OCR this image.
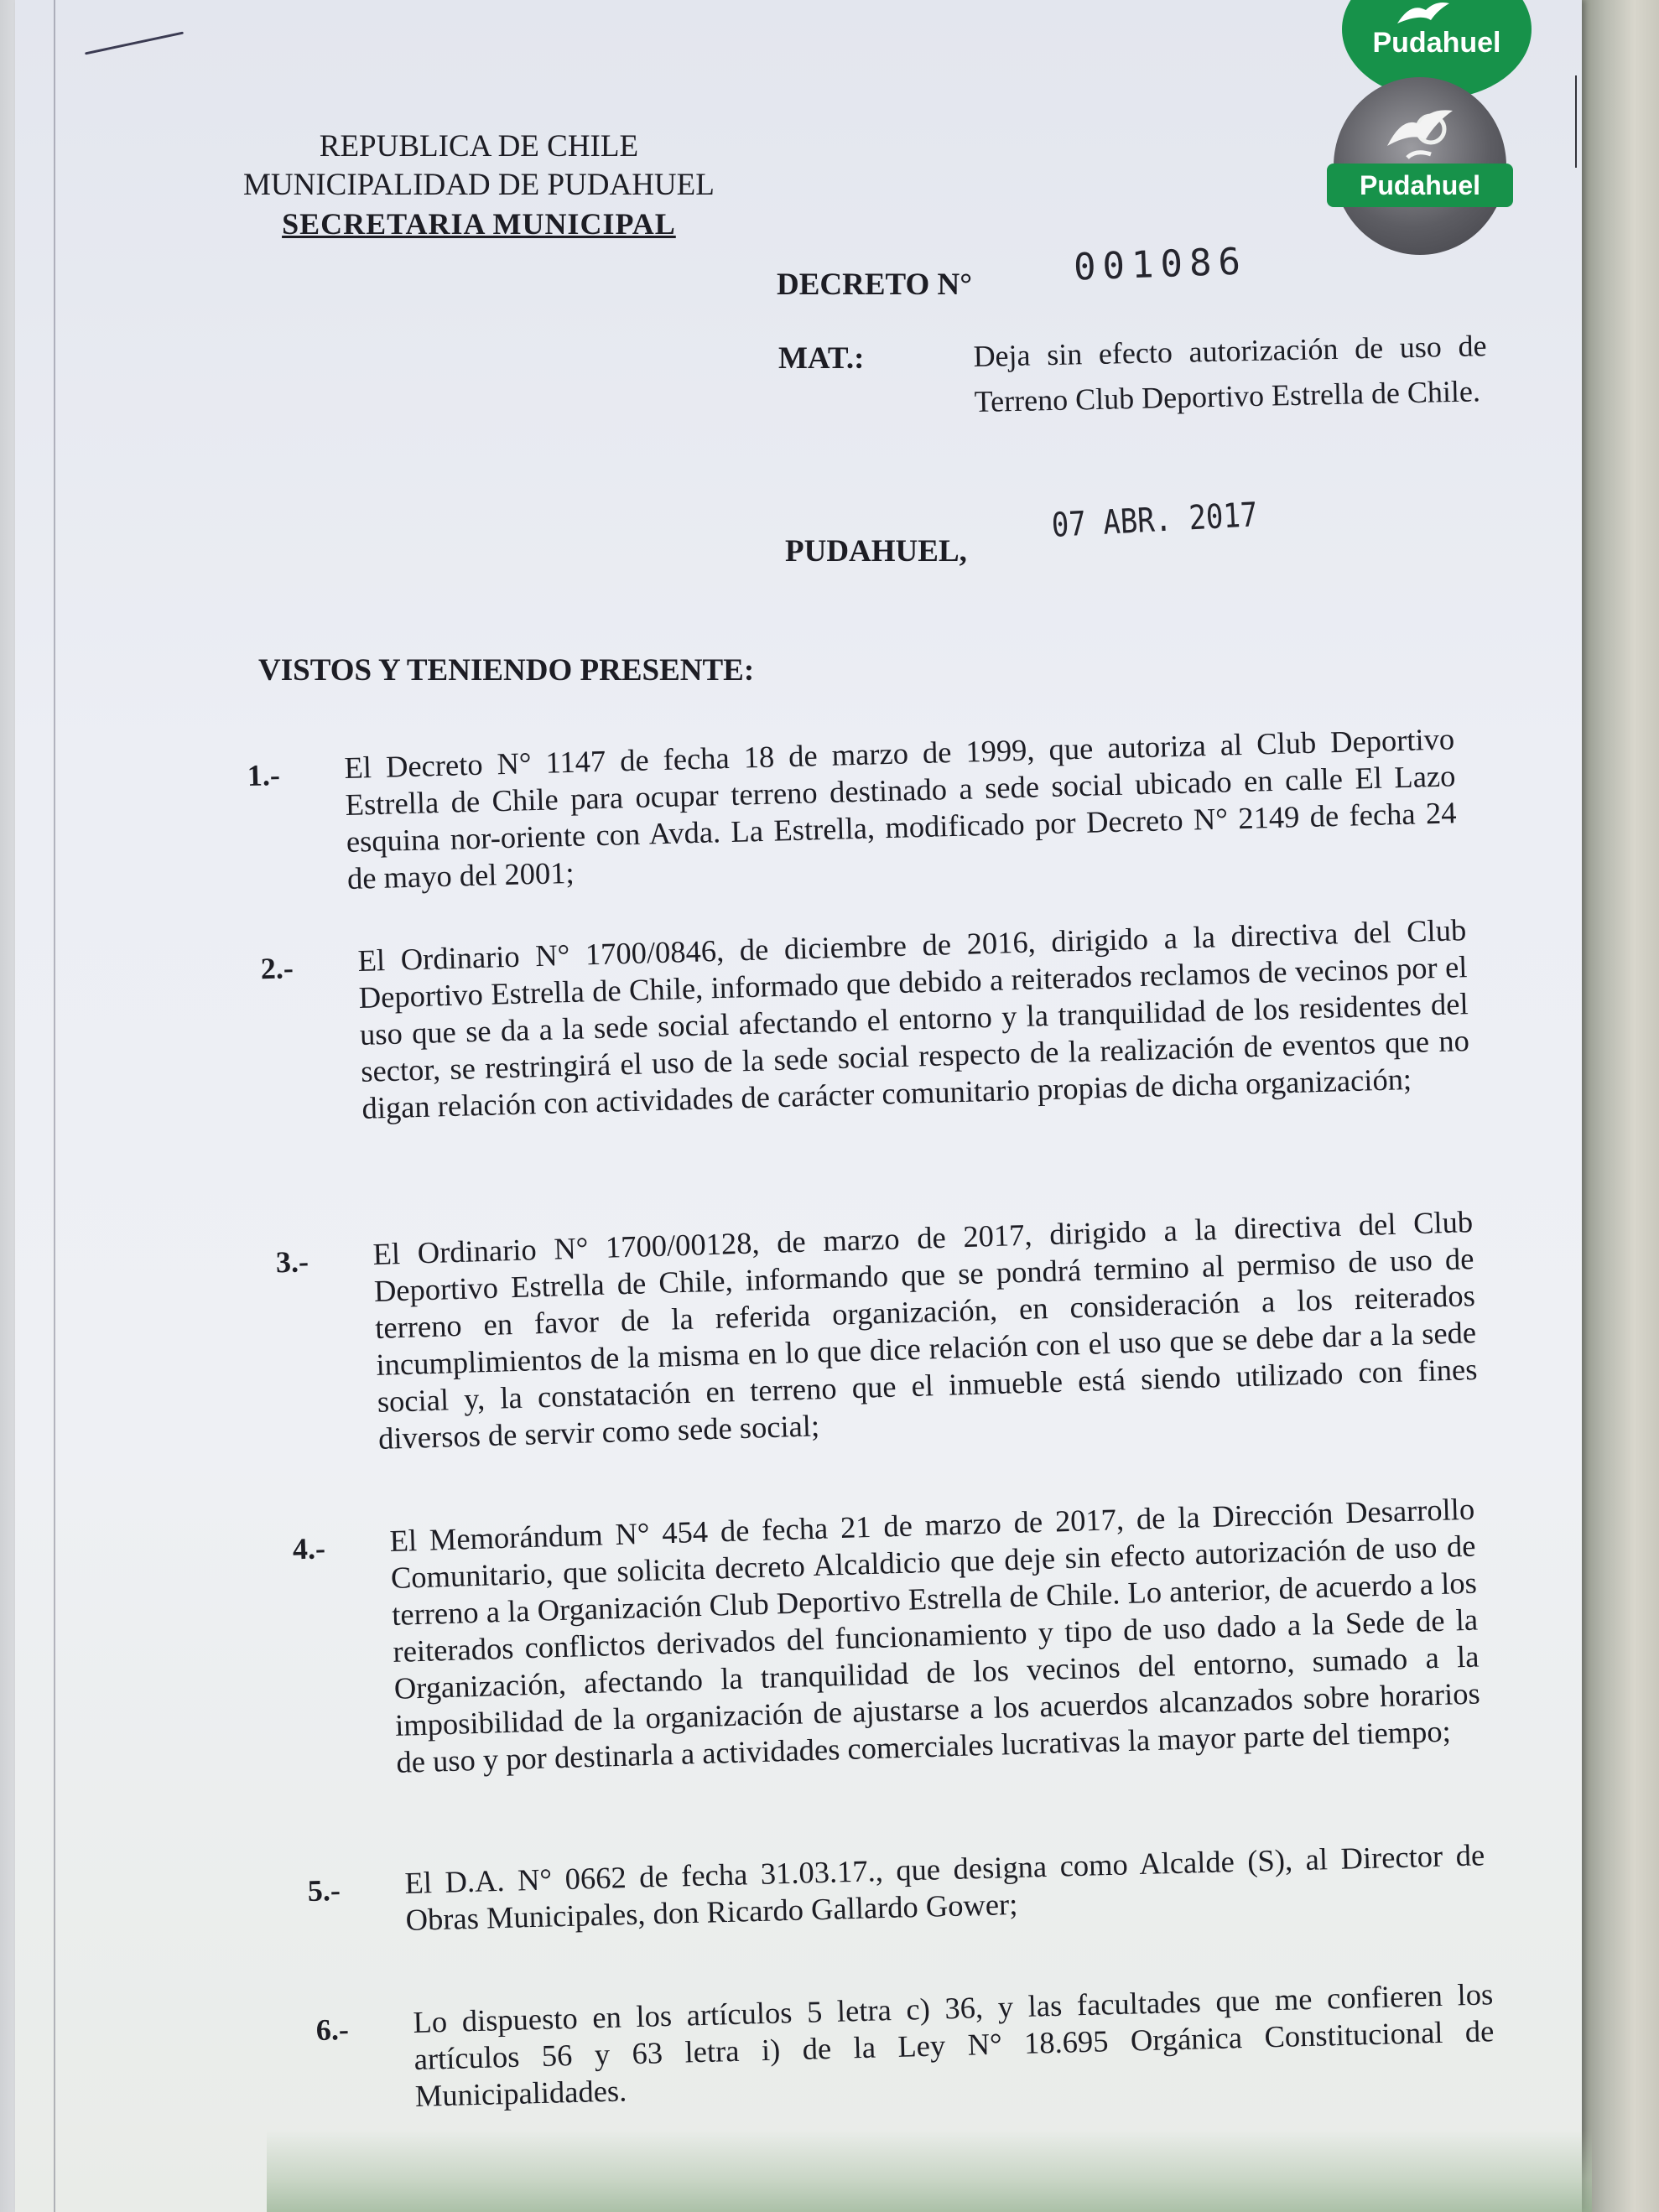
REPUBLICA DE CHILE
MUNICIPALIDAD DE PUDAHUEL
SECRETARIA MUNICIPAL
Pudahuel
Pudahuel
DECRETO N°	001086
MAT.:	Deja sin efecto autorización de uso de Terreno Club Deportivo Estrella de Chile.
PUDAHUEL,
07 ABR. 2017
VISTOS Y TENIENDO PRESENTE:
1.- El Decreto N° 1147 de fecha 18 de marzo de 1999, que autoriza al Club Deportivo Estrella de Chile para ocupar terreno destinado a sede social ubicado en calle El Lazo esquina nor-oriente con Avda. La Estrella, modificado por Decreto N° 2149 de fecha 24 de mayo del 2001;
2.- El Ordinario N° 1700/0846, de diciembre de 2016, dirigido a la directiva del Club Deportivo Estrella de Chile, informado que debido a reiterados reclamos de vecinos por el uso que se da a la sede social afectando el entorno y la tranquilidad de los residentes del sector, se restringirá el uso de la sede social respecto de la realización de eventos que no digan relación con actividades de carácter comunitario propias de dicha organización;
3.- El Ordinario N° 1700/00128, de marzo de 2017, dirigido a la directiva del Club Deportivo Estrella de Chile, informando que se pondrá termino al permiso de uso de terreno en favor de la referida organización, en consideración a los reiterados incumplimientos de la misma en lo que dice relación con el uso que se debe dar a la sede social y, la constatación en terreno que el inmueble está siendo utilizado con fines diversos de servir como sede social;
4.- El Memorándum N° 454 de fecha 21 de marzo de 2017, de la Dirección Desarrollo Comunitario, que solicita decreto Alcaldicio que deje sin efecto autorización de uso de terreno a la Organización Club Deportivo Estrella de Chile. Lo anterior, de acuerdo a los reiterados conflictos derivados del funcionamiento y tipo de uso dado a la Sede de la Organización, afectando la tranquilidad de los vecinos del entorno, sumado a la imposibilidad de la organización de ajustarse a los acuerdos alcanzados sobre horarios de uso y por destinarla a actividades comerciales lucrativas la mayor parte del tiempo;
5.- El D.A. N° 0662 de fecha 31.03.17., que designa como Alcalde (S), al Director de Obras Municipales, don Ricardo Gallardo Gower;
6.- Lo dispuesto en los artículos 5 letra c) 36, y las facultades que me confieren los artículos 56 y 63 letra i) de la Ley N° 18.695 Orgánica Constitucional de Municipalidades.
